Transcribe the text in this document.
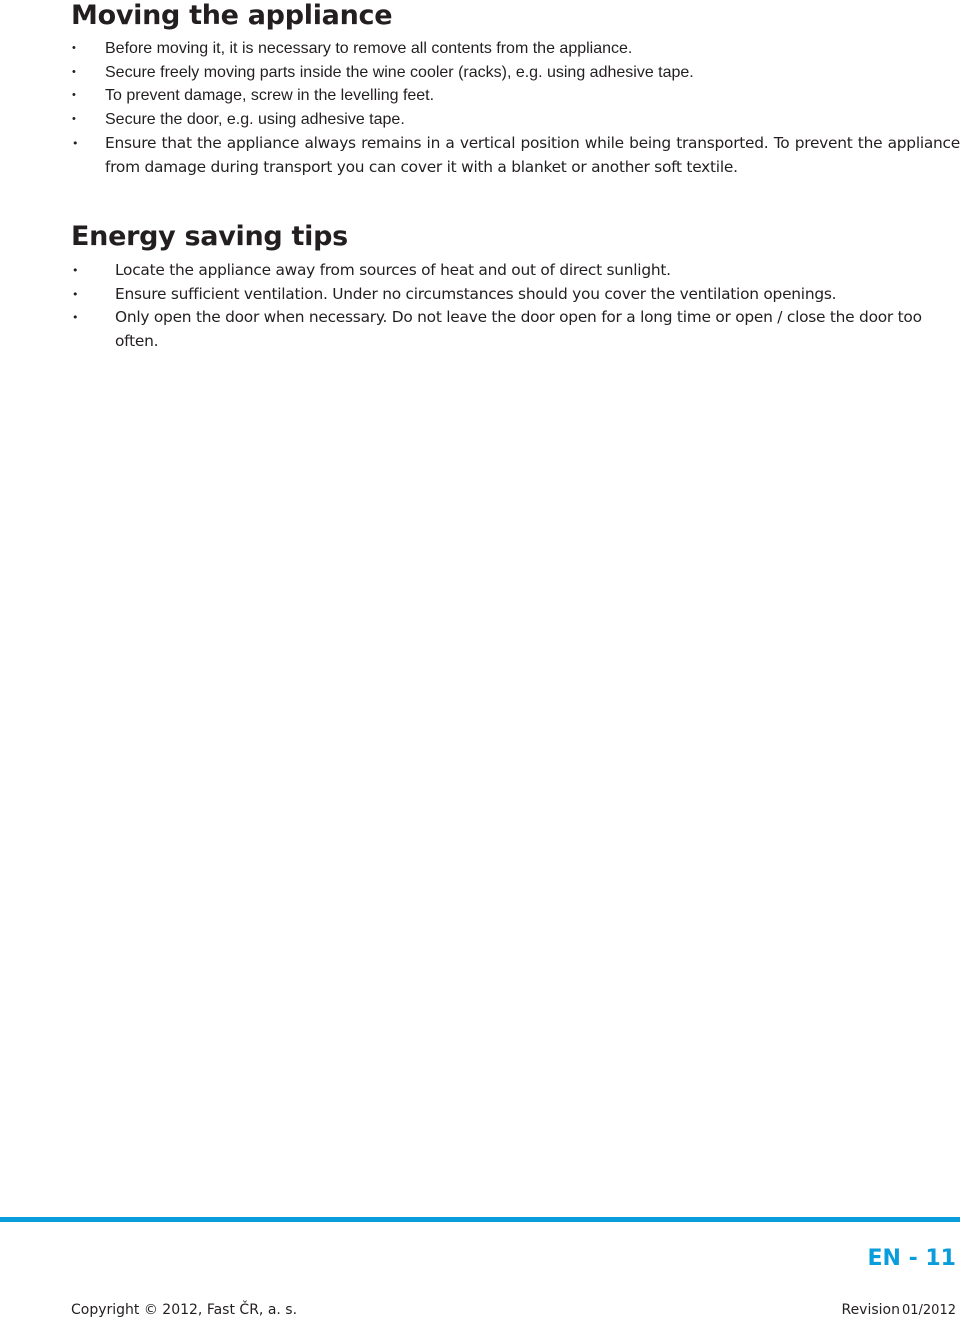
Moving the appliance
• Before moving it, it is necessary to remove all contents from the appliance.
• Secure freely moving parts inside the wine cooler (racks), e.g. using adhesive tape.
• To prevent damage, screw in the levelling feet.
• Secure the door, e.g. using adhesive tape.
• Ensure that the appliance always remains in a vertical position while being transported. To prevent the appliance from damage during transport you can cover it with a blanket or another soft textile.
Energy saving tips
• Locate the appliance away from sources of heat and out of direct sunlight.
• Ensure sufficient ventilation. Under no circumstances should you cover the ventilation openings.
• Only open the door when necessary. Do not leave the door open for a long time or open / close the door too often.
EN - 11
Copyright © 2012, Fast ČR, a. s.	Revision 01/2012
